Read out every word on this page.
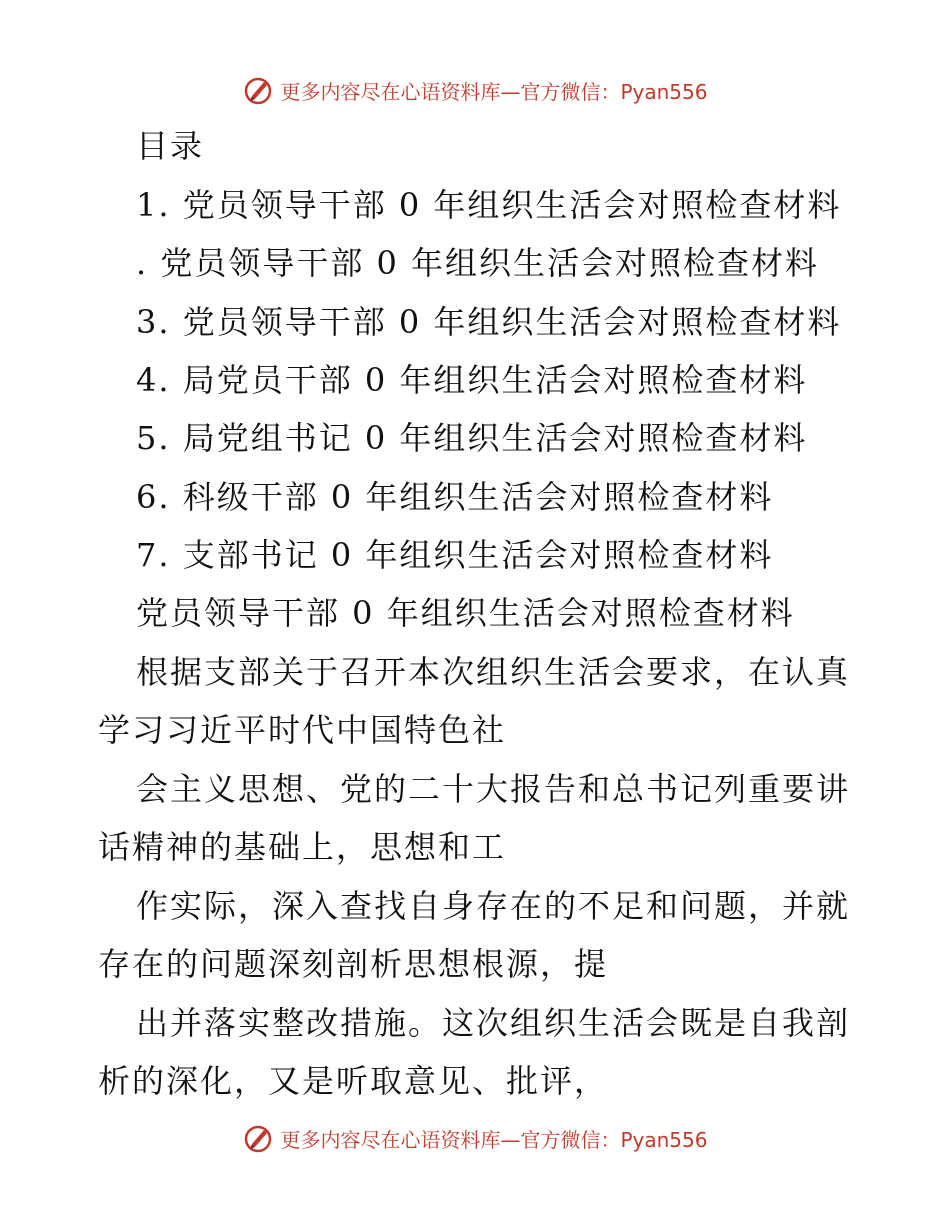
更多内容尽在心语资料库—官方微信：Pyan556
目录
1. 党员领导干部 0 年组织生活会对照检查材料
. 党员领导干部 0 年组织生活会对照检查材料
3. 党员领导干部 0 年组织生活会对照检查材料
4. 局党员干部 0 年组织生活会对照检查材料
5. 局党组书记 0 年组织生活会对照检查材料
6. 科级干部 0 年组织生活会对照检查材料
7. 支部书记 0 年组织生活会对照检查材料
党员领导干部 0 年组织生活会对照检查材料
根据支部关于召开本次组织生活会要求，在认真
学习习近平时代中国特色社
会主义思想、党的二十大报告和总书记列重要讲
话精神的基础上，思想和工
作实际，深入查找自身存在的不足和问题，并就
存在的问题深刻剖析思想根源，提
出并落实整改措施。这次组织生活会既是自我剖
析的深化，又是听取意见、批评，
更多内容尽在心语资料库—官方微信：Pyan556
